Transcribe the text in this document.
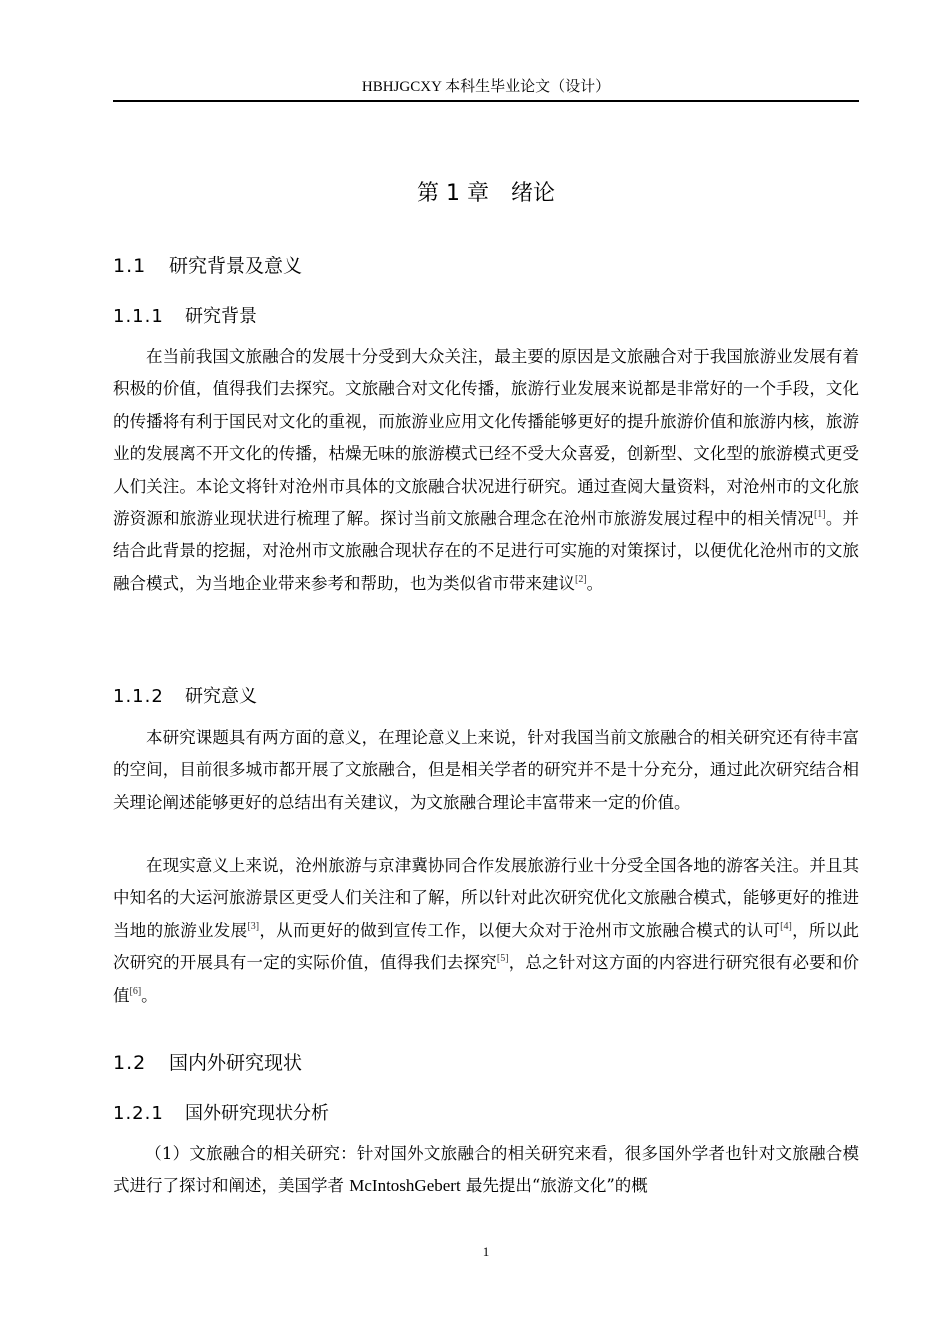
HBHJGCXY 本科生毕业论文（设计）
第 1 章 绪论
1.1 研究背景及意义
1.1.1 研究背景

在当前我国文旅融合的发展十分受到大众关注，最主要的原因是文旅融合对于我国旅游业发展有着积极的价值，值得我们去探究。文旅融合对文化传播，旅游行业发展来说都是非常好的一个手段，文化的传播将有利于国民对文化的重视，而旅游业应用文化传播能够更好的提升旅游价值和旅游内核，旅游业的发展离不开文化的传播，枯燥无味的旅游模式已经不受大众喜爱，创新型、文化型的旅游模式更受人们关注。本论文将针对沧州市具体的文旅融合状况进行研究。通过查阅大量资料，对沧州市的文化旅游资源和旅游业现状进行梳理了解。探讨当前文旅融合理念在沧州市旅游发展过程中的相关情况[1]。并结合此背景的挖掘，对沧州市文旅融合现状存在的不足进行可实施的对策探讨，以便优化沧州市的文旅融合模式，为当地企业带来参考和帮助，也为类似省市带来建议[2]。

1.1.2 研究意义

本研究课题具有两方面的意义，在理论意义上来说，针对我国当前文旅融合的相关研究还有待丰富的空间，目前很多城市都开展了文旅融合，但是相关学者的研究并不是十分充分，通过此次研究结合相关理论阐述能够更好的总结出有关建议，为文旅融合理论丰富带来一定的价值。

在现实意义上来说，沧州旅游与京津冀协同合作发展旅游行业十分受全国各地的游客关注。并且其中知名的大运河旅游景区更受人们关注和了解，所以针对此次研究优化文旅融合模式，能够更好的推进当地的旅游业发展[3]，从而更好的做到宣传工作，以便大众对于沧州市文旅融合模式的认可[4]，所以此次研究的开展具有一定的实际价值，值得我们去探究[5]，总之针对这方面的内容进行研究很有必要和价值[6]。

1.2 国内外研究现状
1.2.1 国外研究现状分析

（1）文旅融合的相关研究：针对国外文旅融合的相关研究来看，很多国外学者也针对文旅融合模式进行了探讨和阐述，美国学者 McIntoshGebert 最先提出“旅游文化”的概

1
